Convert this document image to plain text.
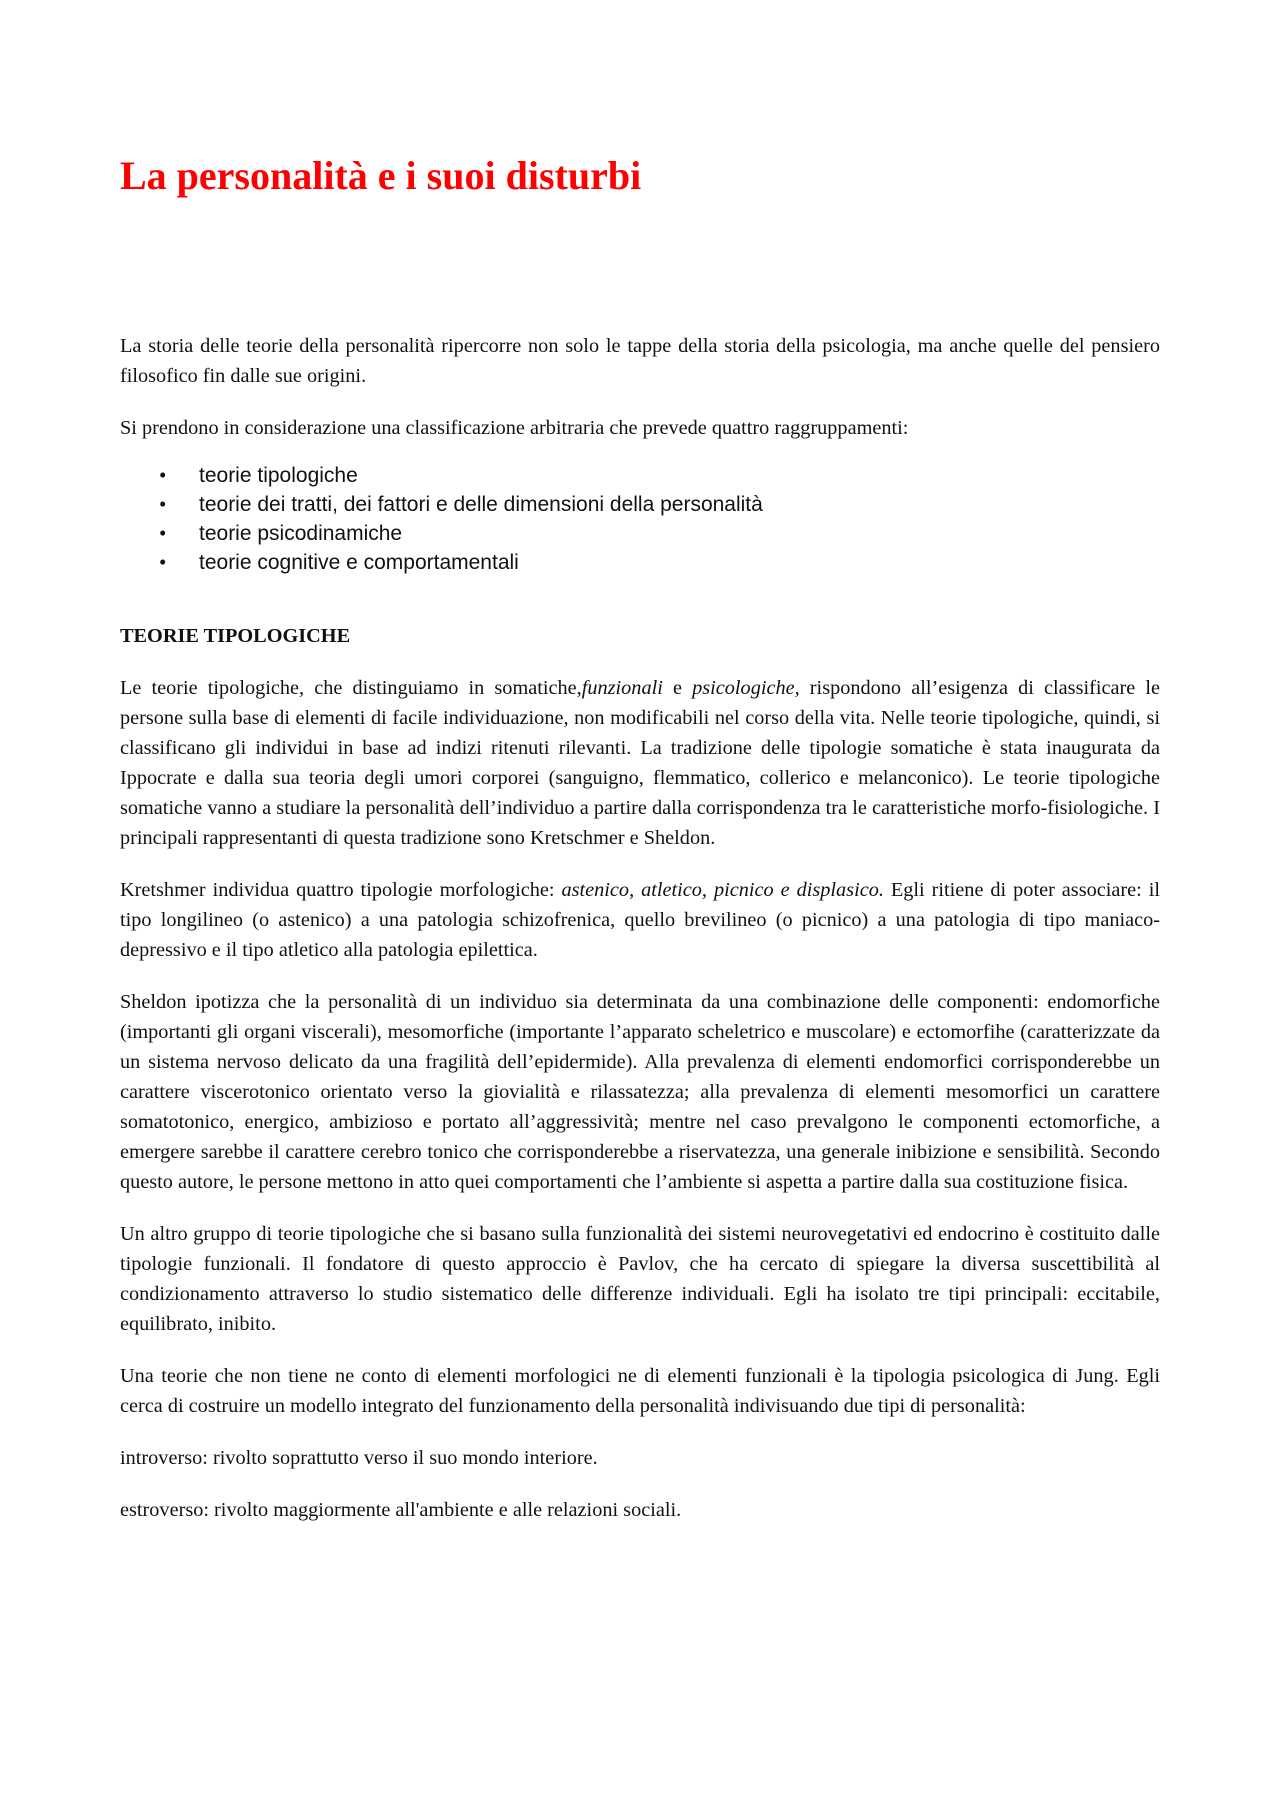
La personalità e i suoi disturbi

La storia delle teorie della personalità ripercorre non solo le tappe della storia della psicologia, ma anche quelle del pensiero filosofico fin dalle sue origini.

Si prendono in considerazione una classificazione arbitraria che prevede quattro raggruppamenti:

• teorie tipologiche
• teorie dei tratti, dei fattori e delle dimensioni della personalità
• teorie psicodinamiche
• teorie cognitive e comportamentali
TEORIE TIPOLOGICHE

Le teorie tipologiche, che distinguiamo in somatiche,funzionali e psicologiche, rispondono all’esigenza di classificare le persone sulla base di elementi di facile individuazione, non modificabili nel corso della vita. Nelle teorie tipologiche, quindi, si classificano gli individui in base ad indizi ritenuti rilevanti. La tradizione delle tipologie somatiche è stata inaugurata da Ippocrate e dalla sua teoria degli umori corporei (sanguigno, flemmatico, collerico e melanconico). Le teorie tipologiche somatiche vanno a studiare la personalità dell’individuo a partire dalla corrispondenza tra le caratteristiche morfo-fisiologiche. I principali rappresentanti di questa tradizione sono Kretschmer e Sheldon.

Kretshmer individua quattro tipologie morfologiche: astenico, atletico, picnico e displasico. Egli ritiene di poter associare: il tipo longilineo (o astenico) a una patologia schizofrenica, quello brevilineo (o picnico) a una patologia di tipo maniaco-depressivo e il tipo atletico alla patologia epilettica.

Sheldon ipotizza che la personalità di un individuo sia determinata da una combinazione delle componenti: endomorfiche (importanti gli organi viscerali), mesomorfiche (importante l’apparato scheletrico e muscolare) e ectomorfihe (caratterizzate da un sistema nervoso delicato da una fragilità dell’epidermide). Alla prevalenza di elementi endomorfici corrisponderebbe un carattere viscerotonico orientato verso la giovialità e rilassatezza; alla prevalenza di elementi mesomorfici un carattere somatotonico, energico, ambizioso e portato all’aggressività; mentre nel caso prevalgono le componenti ectomorfiche, a emergere sarebbe il carattere cerebro tonico che corrisponderebbe a riservatezza, una generale inibizione e sensibilità. Secondo questo autore, le persone mettono in atto quei comportamenti che l’ambiente si aspetta a partire dalla sua costituzione fisica.

Un altro gruppo di teorie tipologiche che si basano sulla funzionalità dei sistemi neurovegetativi ed endocrino è costituito dalle tipologie funzionali. Il fondatore di questo approccio è Pavlov, che ha cercato di spiegare la diversa suscettibilità al condizionamento attraverso lo studio sistematico delle differenze individuali. Egli ha isolato tre tipi principali: eccitabile, equilibrato, inibito.

Una teorie che non tiene ne conto di elementi morfologici ne di elementi funzionali è la tipologia psicologica di Jung. Egli cerca di costruire un modello integrato del funzionamento della personalità indivisuando due tipi di personalità:

introverso: rivolto soprattutto verso il suo mondo interiore.

estroverso: rivolto maggiormente all'ambiente e alle relazioni sociali.
